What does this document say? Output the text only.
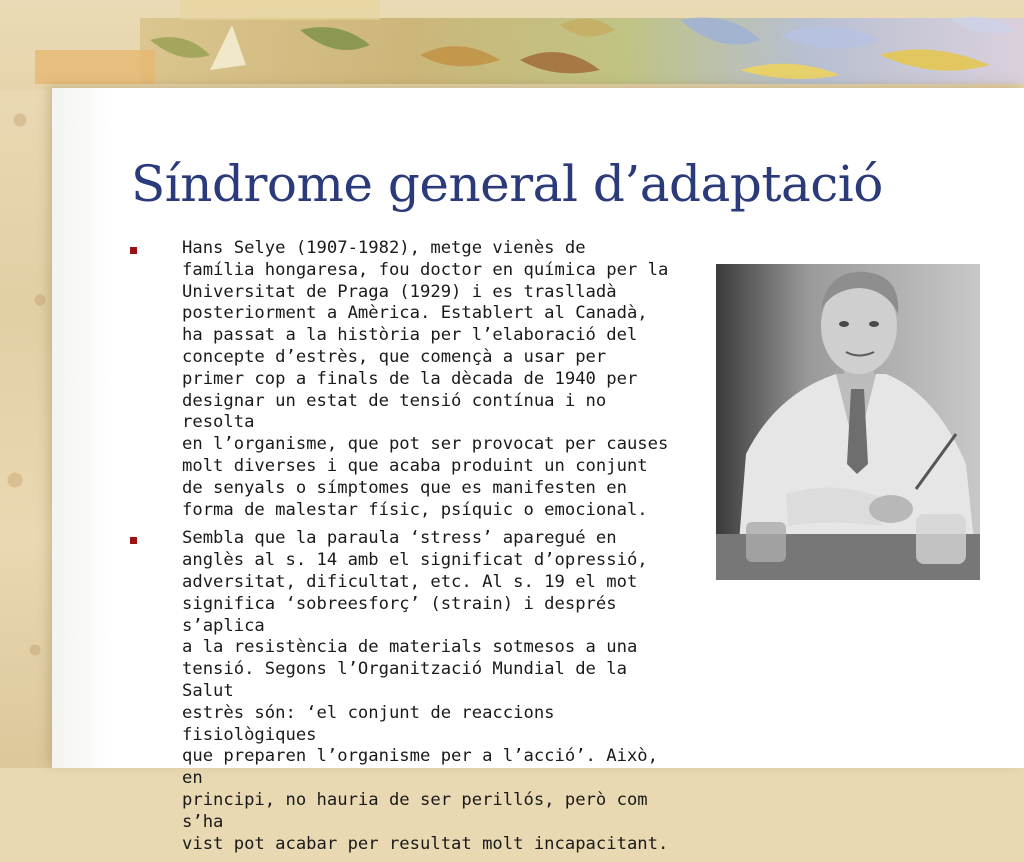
Síndrome general d’adaptació
Hans Selye (1907-1982), metge vienès de
família hongaresa, fou doctor en química per la
Universitat de Praga (1929) i es traslladà
posteriorment a Amèrica. Establert al Canadà,
ha passat a la història per l’elaboració del
concepte d’estrès, que començà a usar per
primer cop a finals de la dècada de 1940 per
designar un estat de tensió contínua i no resolta
en l’organisme, que pot ser provocat per causes
molt diverses i que acaba produint un conjunt
de senyals o símptomes que es manifesten en
forma de malestar físic, psíquic o emocional.
Sembla que la paraula ‘stress’ aparegué en
anglès al s. 14 amb el significat d’opressió,
adversitat, dificultat, etc. Al s. 19 el mot
significa ‘sobreesforç’ (strain) i després s’aplica
a la resistència de materials sotmesos a una
tensió. Segons l’Organització Mundial de la Salut
estrès són: ‘el conjunt de reaccions fisiològiques
que preparen l’organisme per a l’acció’. Això, en
principi, no hauria de ser perillós, però com s’ha
vist pot acabar per resultat molt incapacitant.
